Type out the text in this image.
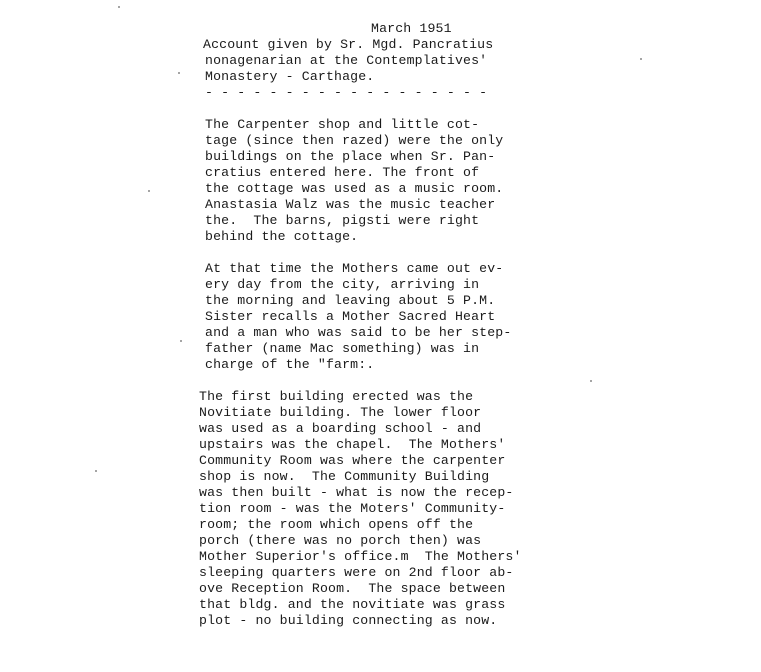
March 1951
Account given by Sr. Mgd. Pancratius
nonagenarian at the Contemplatives'
Monastery - Carthage.
- - - - - - - - - - - - - - - - - -
The Carpenter shop and little cot-
tage (since then razed) were the only
buildings on the place when Sr. Pan-
cratius entered here. The front of
the cottage was used as a music room.
Anastasia Walz was the music teacher
the.  The barns, pigsti were right
behind the cottage.
At that time the Mothers came out ev-
ery day from the city, arriving in
the morning and leaving about 5 P.M.
Sister recalls a Mother Sacred Heart
and a man who was said to be her step-
father (name Mac something) was in
charge of the "farm:.
The first building erected was the
Novitiate building. The lower floor
was used as a boarding school - and
upstairs was the chapel.  The Mothers'
Community Room was where the carpenter
shop is now.  The Community Building
was then built - what is now the recep-
tion room - was the Moters' Community-
room; the room which opens off the
porch (there was no porch then) was
Mother Superior's office.m  The Mothers'
sleeping quarters were on 2nd floor ab-
ove Reception Room.  The space between
that bldg. and the novitiate was grass
plot - no building connecting as now.
